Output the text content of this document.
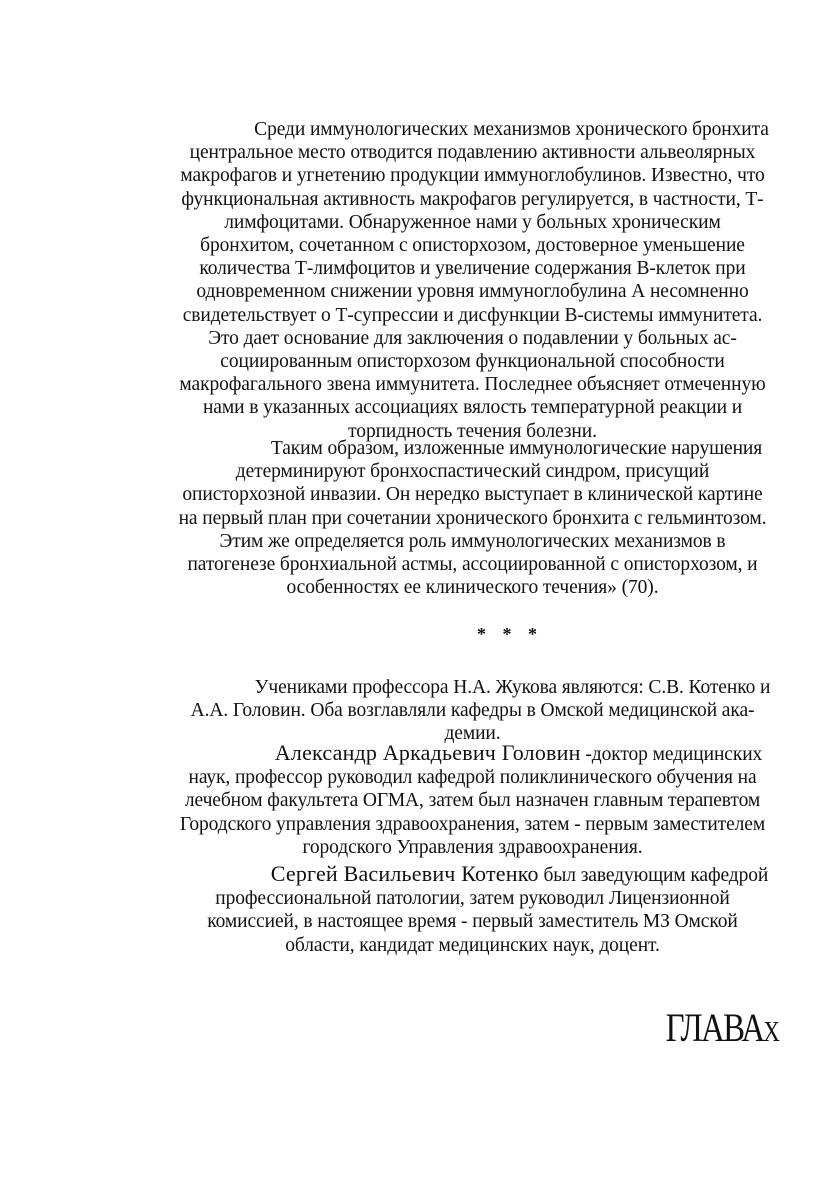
Среди иммунологических механизмов хронического бронхита
центральное место отводится подавлению активности альвеолярных
макрофагов и угнетению продукции иммуноглобулинов. Известно, что
функциональная активность макрофагов регулируется, в частности, Т-
лимфоцитами. Обнаруженное нами у больных хроническим
бронхитом, сочетанном с описторхозом, достоверное уменьшение
количества Т-лимфоцитов и увеличение содержания В-клеток при
одновременном снижении уровня иммуноглобулина А несомненно
свидетельствует о Т-супрессии и дисфункции В-системы иммунитета.
Это дает основание для заключения о подавлении у больных ас-
социированным описторхозом функциональной способности
макрофагального звена иммунитета. Последнее объясняет отмеченную
нами в указанных ассоциациях вялость температурной реакции и
торпидность течения болезни.
Таким образом, изложенные иммунологические нарушения
детерминируют бронхоспастический синдром, присущий
описторхозной инвазии. Он нередко выступает в клинической картине
на первый план при сочетании хронического бронхита с гельминтозом.
Этим же определяется роль иммунологических механизмов в
патогенезе бронхиальной астмы, ассоциированной с описторхозом, и
особенностях ее клинического течения» (70).
* * *
Учениками профессора Н.А. Жукова являются: С.В. Котенко и
А.А. Головин. Оба возглавляли кафедры в Омской медицинской ака-
демии.
Александр Аркадьевич Головин -доктор медицинских
наук, профессор руководил кафедрой поликлинического обучения на
лечебном факультета ОГМА, затем был назначен главным терапевтом
Городского управления здравоохранения, затем - первым заместителем
городского Управления здравоохранения.
Сергей Васильевич Котенко был заведующим кафедрой
профессиональной патологии, затем руководил Лицензионной
комиссией, в настоящее время - первый заместитель МЗ Омской
области, кандидат медицинских наук, доцент.
ГЛАВАX
